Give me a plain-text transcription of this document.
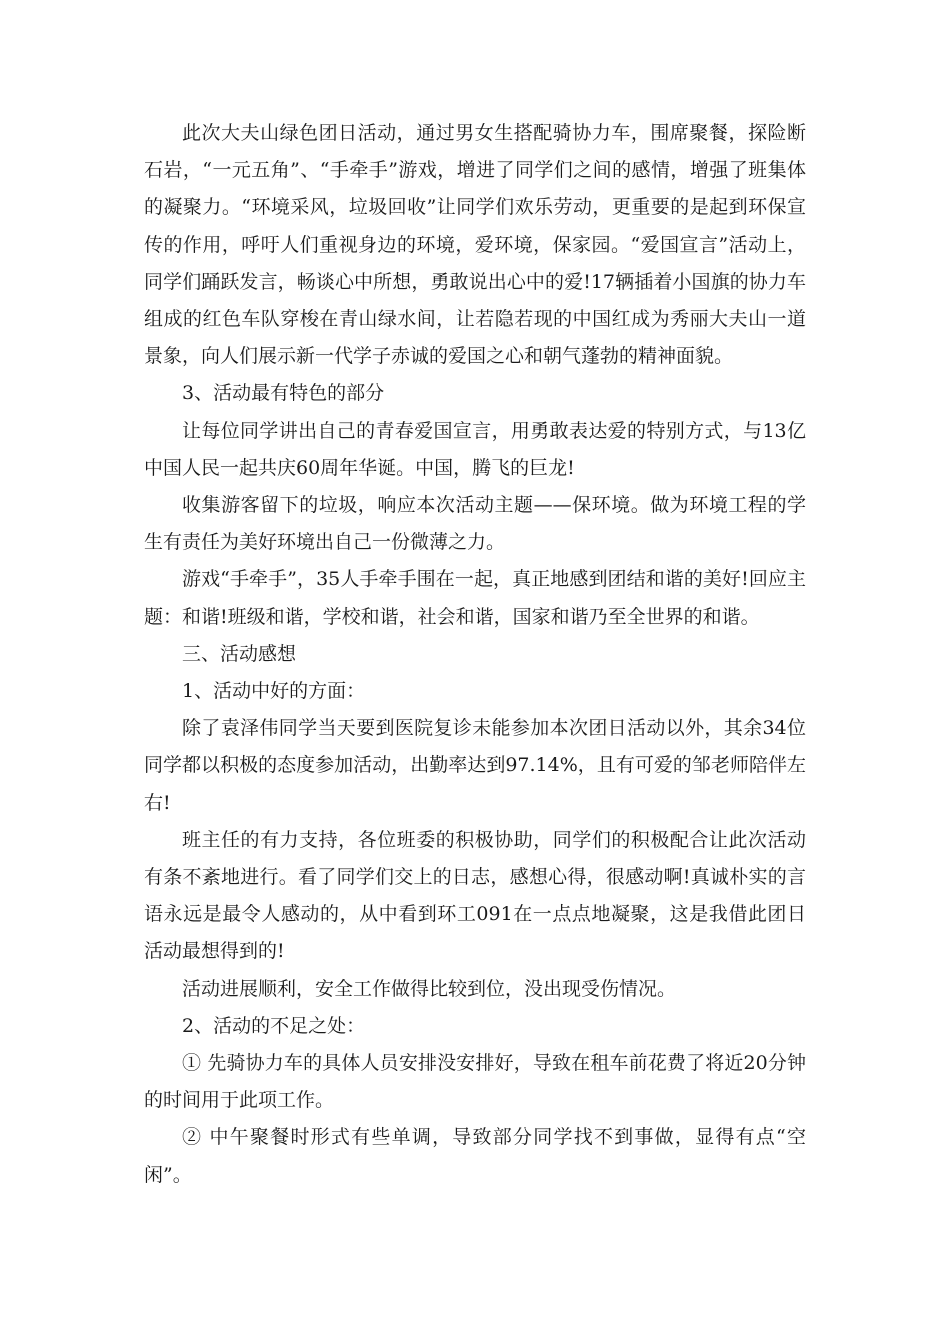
此次大夫山绿色团日活动，通过男女生搭配骑协力车，围席聚餐，探险断石岩，“一元五角”、“手牵手”游戏，增进了同学们之间的感情，增强了班集体的凝聚力。“环境采风，垃圾回收”让同学们欢乐劳动，更重要的是起到环保宣传的作用，呼吁人们重视身边的环境，爱环境，保家园。“爱国宣言”活动上，同学们踊跃发言，畅谈心中所想，勇敢说出心中的爱!17辆插着小国旗的协力车组成的红色车队穿梭在青山绿水间，让若隐若现的中国红成为秀丽大夫山一道景象，向人们展示新一代学子赤诚的爱国之心和朝气蓬勃的精神面貌。

3、活动最有特色的部分

让每位同学讲出自己的青春爱国宣言，用勇敢表达爱的特别方式，与13亿中国人民一起共庆60周年华诞。中国，腾飞的巨龙!

收集游客留下的垃圾，响应本次活动主题——保环境。做为环境工程的学生有责任为美好环境出自己一份微薄之力。

游戏“手牵手”，35人手牵手围在一起，真正地感到团结和谐的美好!回应主题：和谐!班级和谐，学校和谐，社会和谐，国家和谐乃至全世界的和谐。

三、活动感想

1、活动中好的方面：

除了袁泽伟同学当天要到医院复诊未能参加本次团日活动以外，其余34位同学都以积极的态度参加活动，出勤率达到97.14%，且有可爱的邹老师陪伴左右!

班主任的有力支持，各位班委的积极协助，同学们的积极配合让此次活动有条不紊地进行。看了同学们交上的日志，感想心得，很感动啊!真诚朴实的言语永远是最令人感动的，从中看到环工091在一点点地凝聚，这是我借此团日活动最想得到的!

活动进展顺利，安全工作做得比较到位，没出现受伤情况。

2、活动的不足之处：

① 先骑协力车的具体人员安排没安排好，导致在租车前花费了将近20分钟的时间用于此项工作。

② 中午聚餐时形式有些单调，导致部分同学找不到事做，显得有点“空闲”。
